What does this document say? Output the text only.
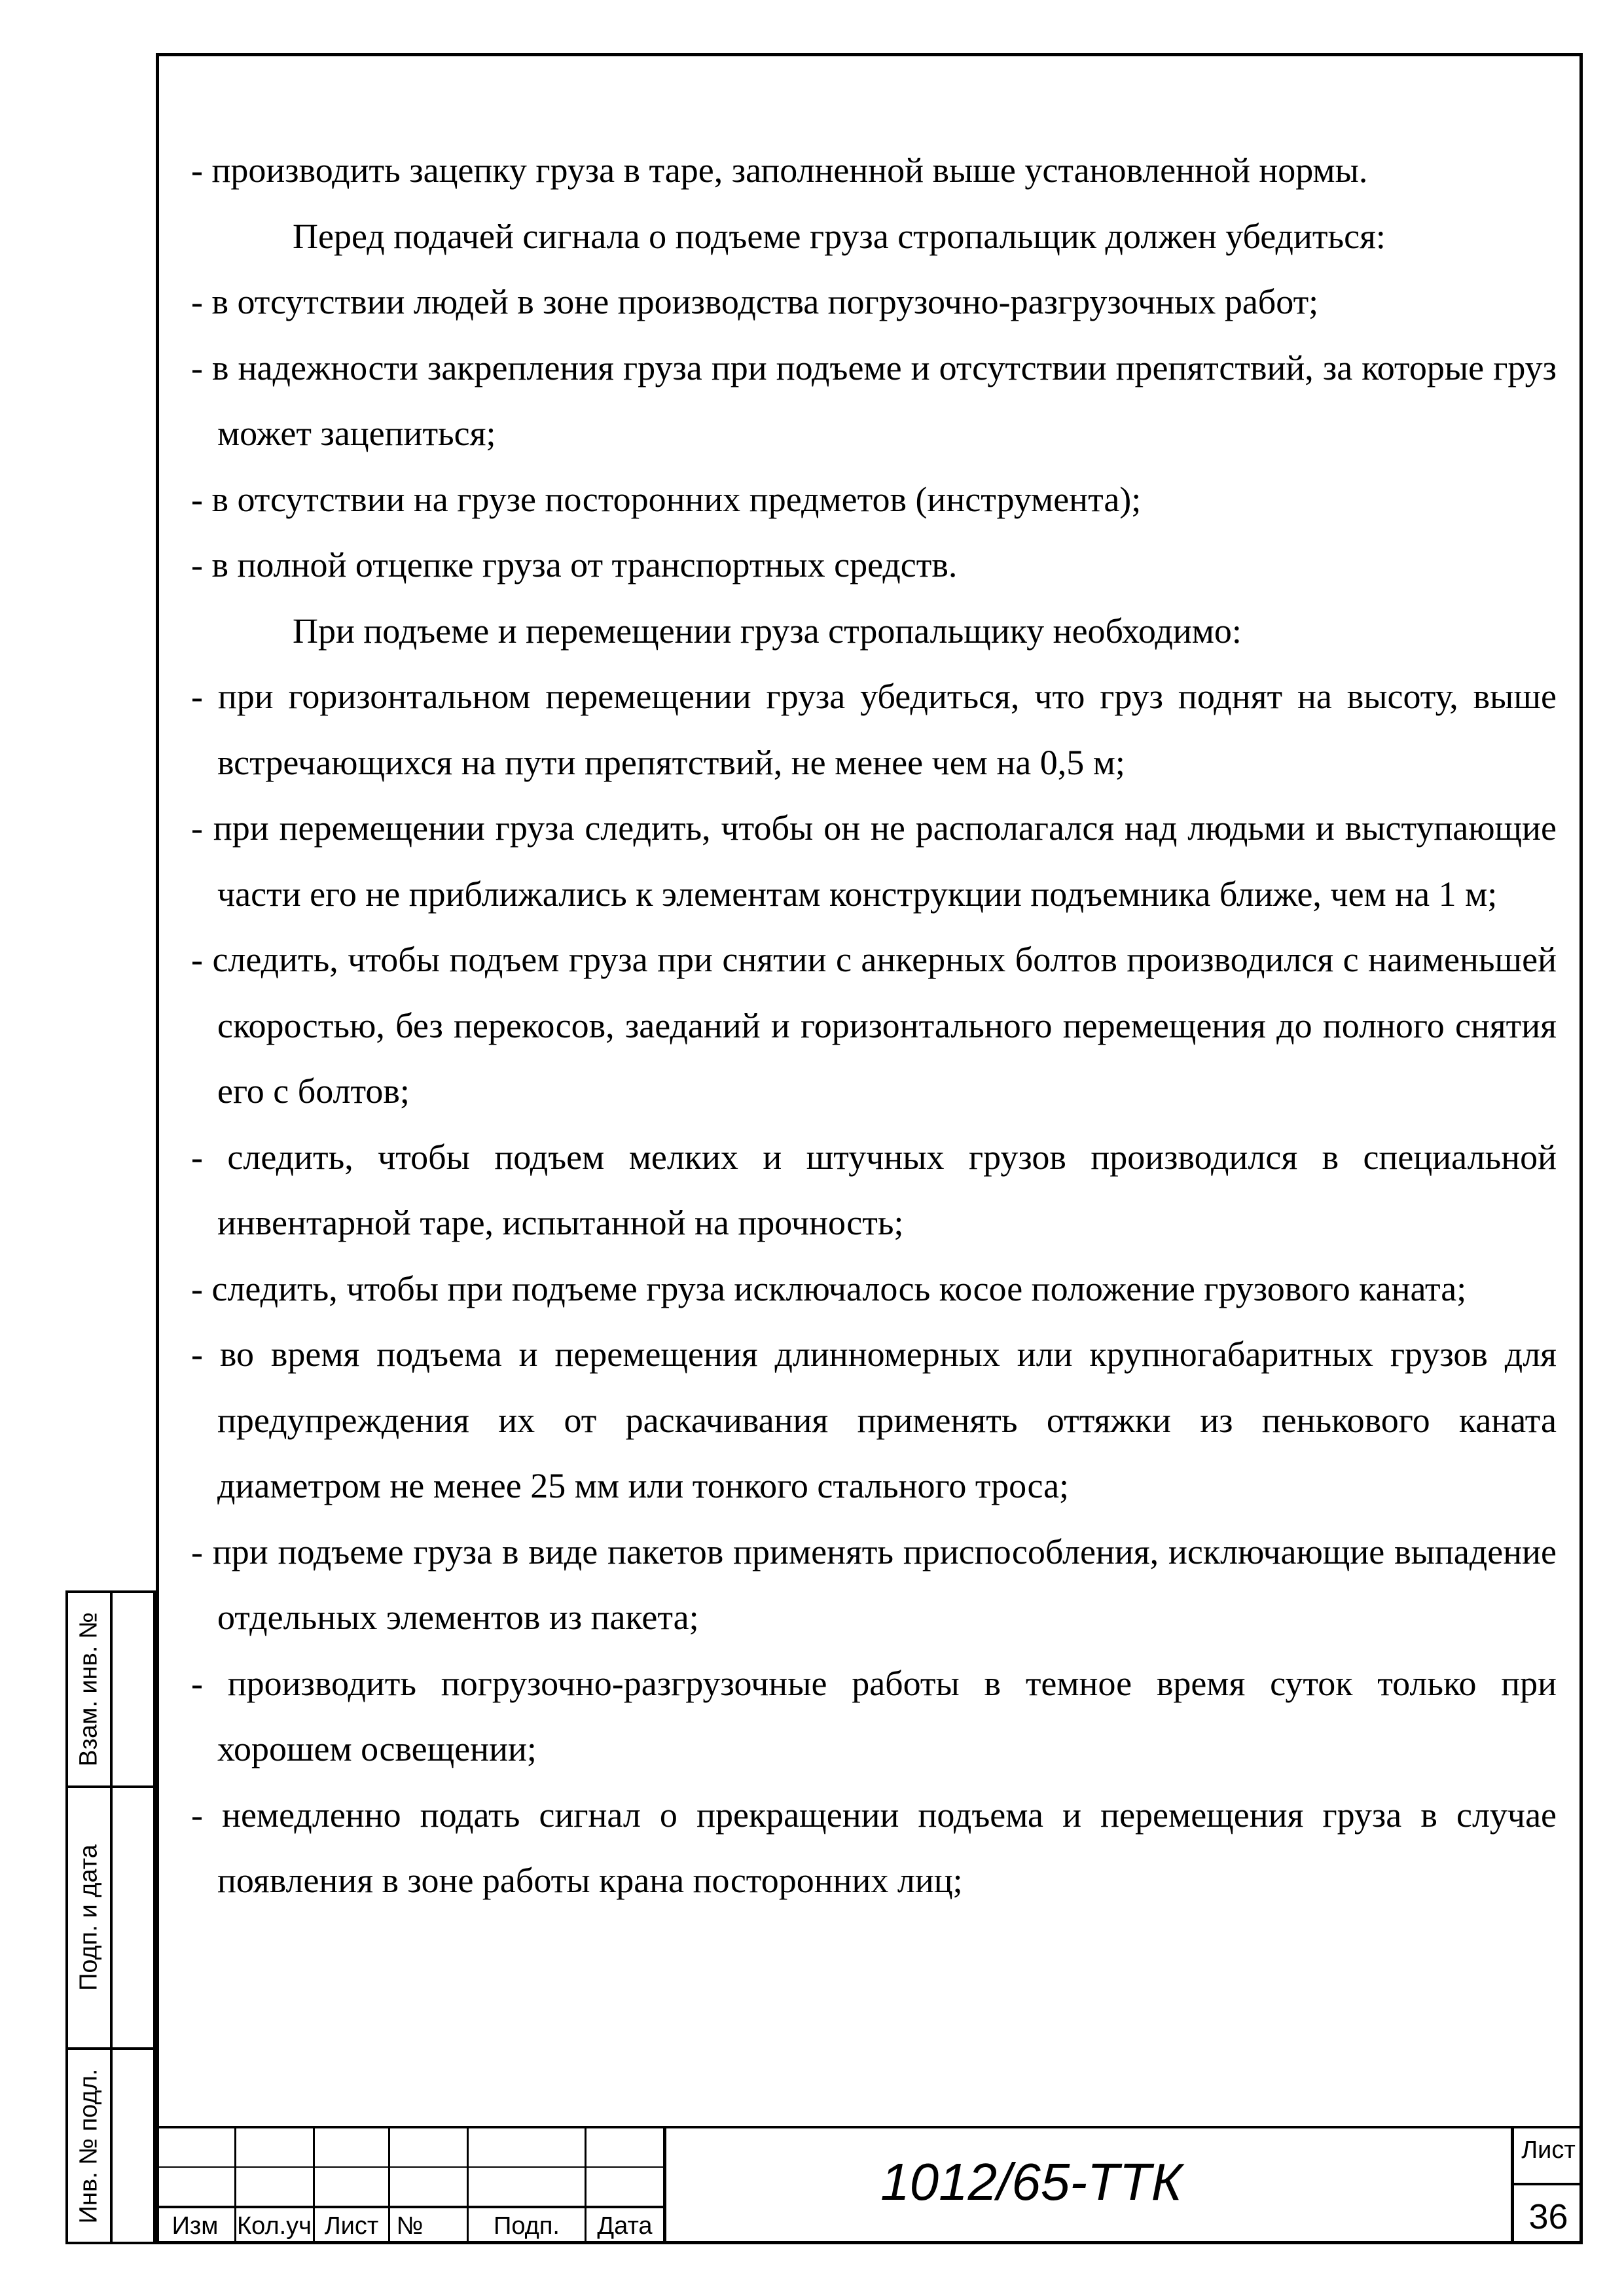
- производить зацепку груза в таре, заполненной выше установленной нормы.

Перед подачей сигнала о подъеме груза стропальщик должен убедиться:

- в отсутствии людей в зоне производства погрузочно-разгрузочных работ;

- в надежности закрепления груза при подъеме и отсутствии препятствий, за которые груз может зацепиться;

- в отсутствии на грузе посторонних предметов (инструмента);

- в полной отцепке груза от транспортных средств.

При подъеме и перемещении груза стропальщику необходимо:

- при горизонтальном перемещении груза убедиться, что груз поднят на высоту, выше встречающихся на пути препятствий, не менее чем на 0,5 м;

- при перемещении груза следить, чтобы он не располагался над людьми и выступающие части его не приближались к элементам конструкции подъемника ближе, чем на 1 м;

- следить, чтобы подъем груза при снятии с анкерных болтов производился с наименьшей скоростью, без перекосов, заеданий и горизонтального перемещения до полного снятия его с болтов;

- следить, чтобы подъем мелких и штучных грузов производился в специальной инвентарной таре, испытанной на прочность;

- следить, чтобы при подъеме груза исключалось косое положение грузового каната;

- во время подъема и перемещения длинномерных или крупногабаритных грузов для предупреждения их от раскачивания применять оттяжки из пенькового каната диаметром не менее 25 мм или тонкого стального троса;

- при подъеме груза в виде пакетов применять приспособления, исключающие выпадение отдельных элементов из пакета;

- производить погрузочно-разгрузочные работы в темное время суток только при хорошем освещении;

- немедленно подать сигнал о прекращении подъема и перемещения груза в случае появления в зоне работы крана посторонних лиц;

Взам. инв. №
Подп. и дата
Инв. № подл.
Изм Кол.уч Лист №	Подп.	Дата
1012/65-ТТК
Лист
36
